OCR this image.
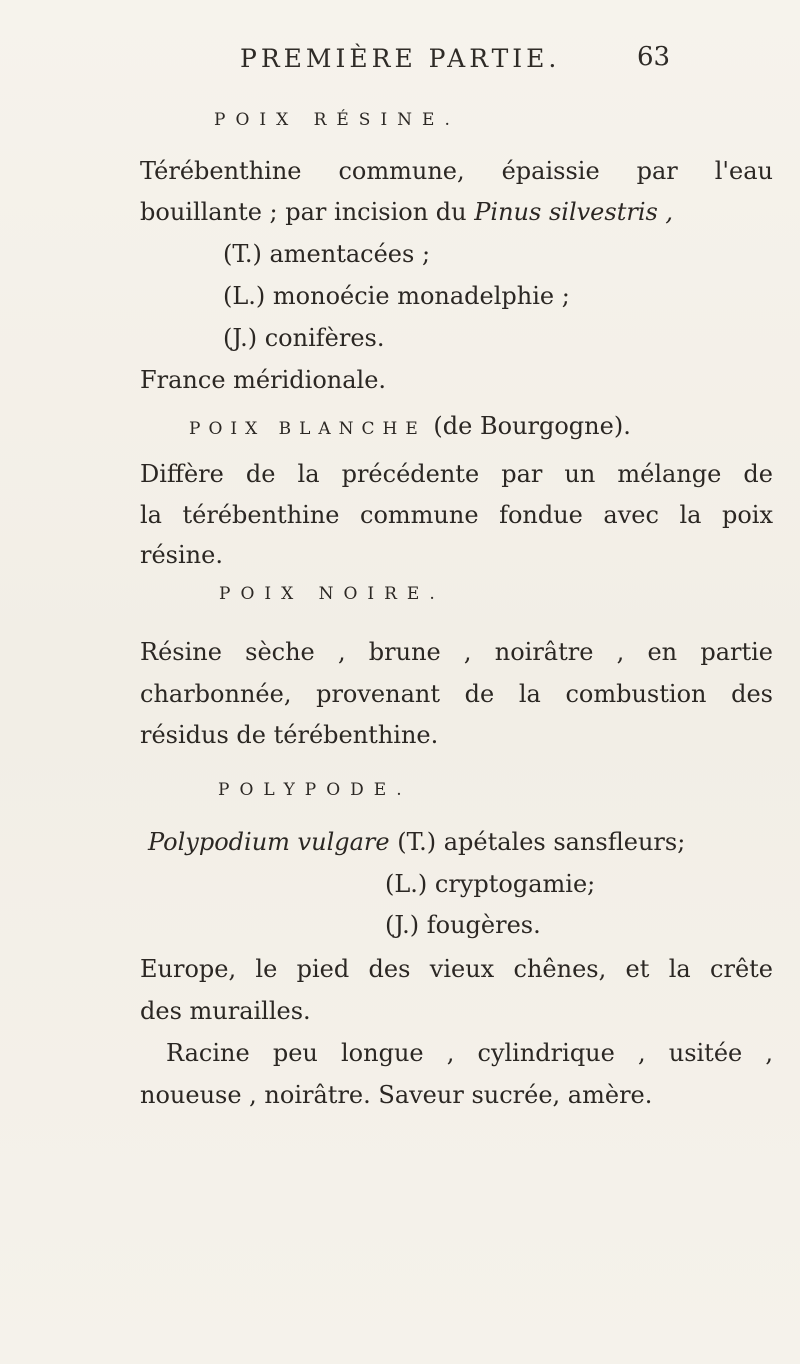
PREMIÈRE PARTIE.	63
POIX RÉSINE.
Térébenthine commune, épaissie par l'eau
bouillante ; par incision du Pinus silvestris ,
(T.) amentacées ;
(L.) monoécie monadelphie ;
(J.) conifères.
France méridionale.
POIX BLANCHE (de Bourgogne).
Diffère de la précédente par un mélange de
la térébenthine commune fondue avec la poix
résine.
POIX NOIRE.
Résine sèche , brune , noirâtre , en partie
charbonnée, provenant de la combustion des
résidus de térébenthine.
POLYPODE.
Polypodium vulgare (T.) apétales sansfleurs;
(L.) cryptogamie;
(J.) fougères.
Europe, le pied des vieux chênes, et la crête
des murailles.
Racine peu longue , cylindrique , usitée ,
noueuse , noirâtre. Saveur sucrée, amère.
